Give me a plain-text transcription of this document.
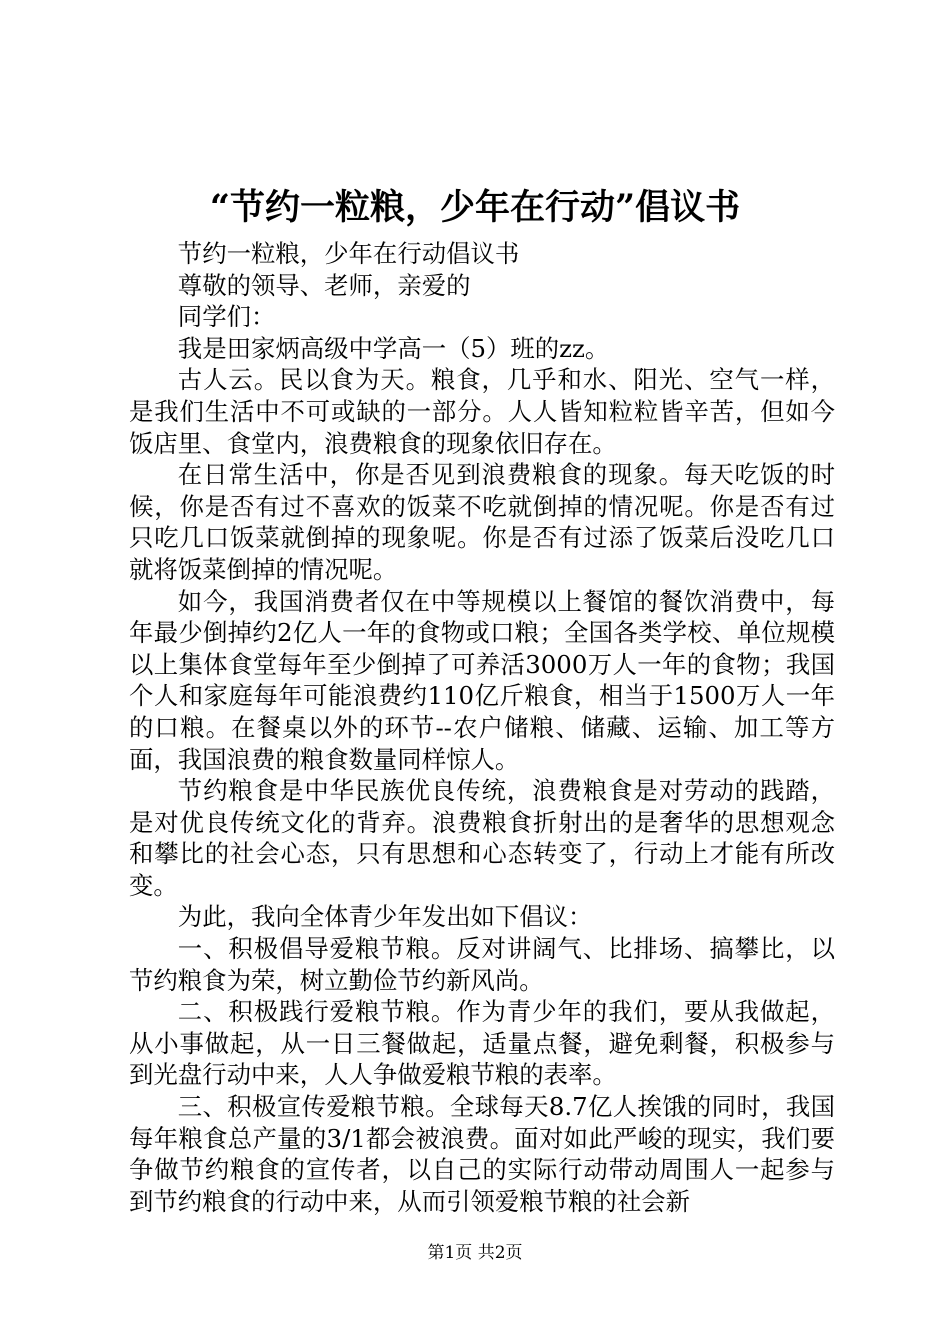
“节约一粒粮，少年在行动”倡议书

节约一粒粮，少年在行动倡议书

尊敬的领导、老师，亲爱的

同学们：

我是田家炳高级中学高一（5）班的zz。

古人云。民以食为天。粮食，几乎和水、阳光、空气一样，是我们生活中不可或缺的一部分。人人皆知粒粒皆辛苦，但如今饭店里、食堂内，浪费粮食的现象依旧存在。

在日常生活中，你是否见到浪费粮食的现象。每天吃饭的时候，你是否有过不喜欢的饭菜不吃就倒掉的情况呢。你是否有过只吃几口饭菜就倒掉的现象呢。你是否有过添了饭菜后没吃几口就将饭菜倒掉的情况呢。

如今，我国消费者仅在中等规模以上餐馆的餐饮消费中，每年最少倒掉约2亿人一年的食物或口粮；全国各类学校、单位规模以上集体食堂每年至少倒掉了可养活3000万人一年的食物；我国个人和家庭每年可能浪费约110亿斤粮食，相当于1500万人一年的口粮。在餐桌以外的环节--农户储粮、储藏、运输、加工等方面，我国浪费的粮食数量同样惊人。

节约粮食是中华民族优良传统，浪费粮食是对劳动的践踏，是对优良传统文化的背弃。浪费粮食折射出的是奢华的思想观念和攀比的社会心态，只有思想和心态转变了，行动上才能有所改变。

为此，我向全体青少年发出如下倡议：

一、积极倡导爱粮节粮。反对讲阔气、比排场、搞攀比，以节约粮食为荣，树立勤俭节约新风尚。

二、积极践行爱粮节粮。作为青少年的我们，要从我做起，从小事做起，从一日三餐做起，适量点餐，避免剩餐，积极参与到光盘行动中来，人人争做爱粮节粮的表率。

三、积极宣传爱粮节粮。全球每天8.7亿人挨饿的同时，我国每年粮食总产量的3/1都会被浪费。面对如此严峻的现实，我们要争做节约粮食的宣传者，以自己的实际行动带动周围人一起参与到节约粮食的行动中来，从而引领爱粮节粮的社会新

第1页 共2页
